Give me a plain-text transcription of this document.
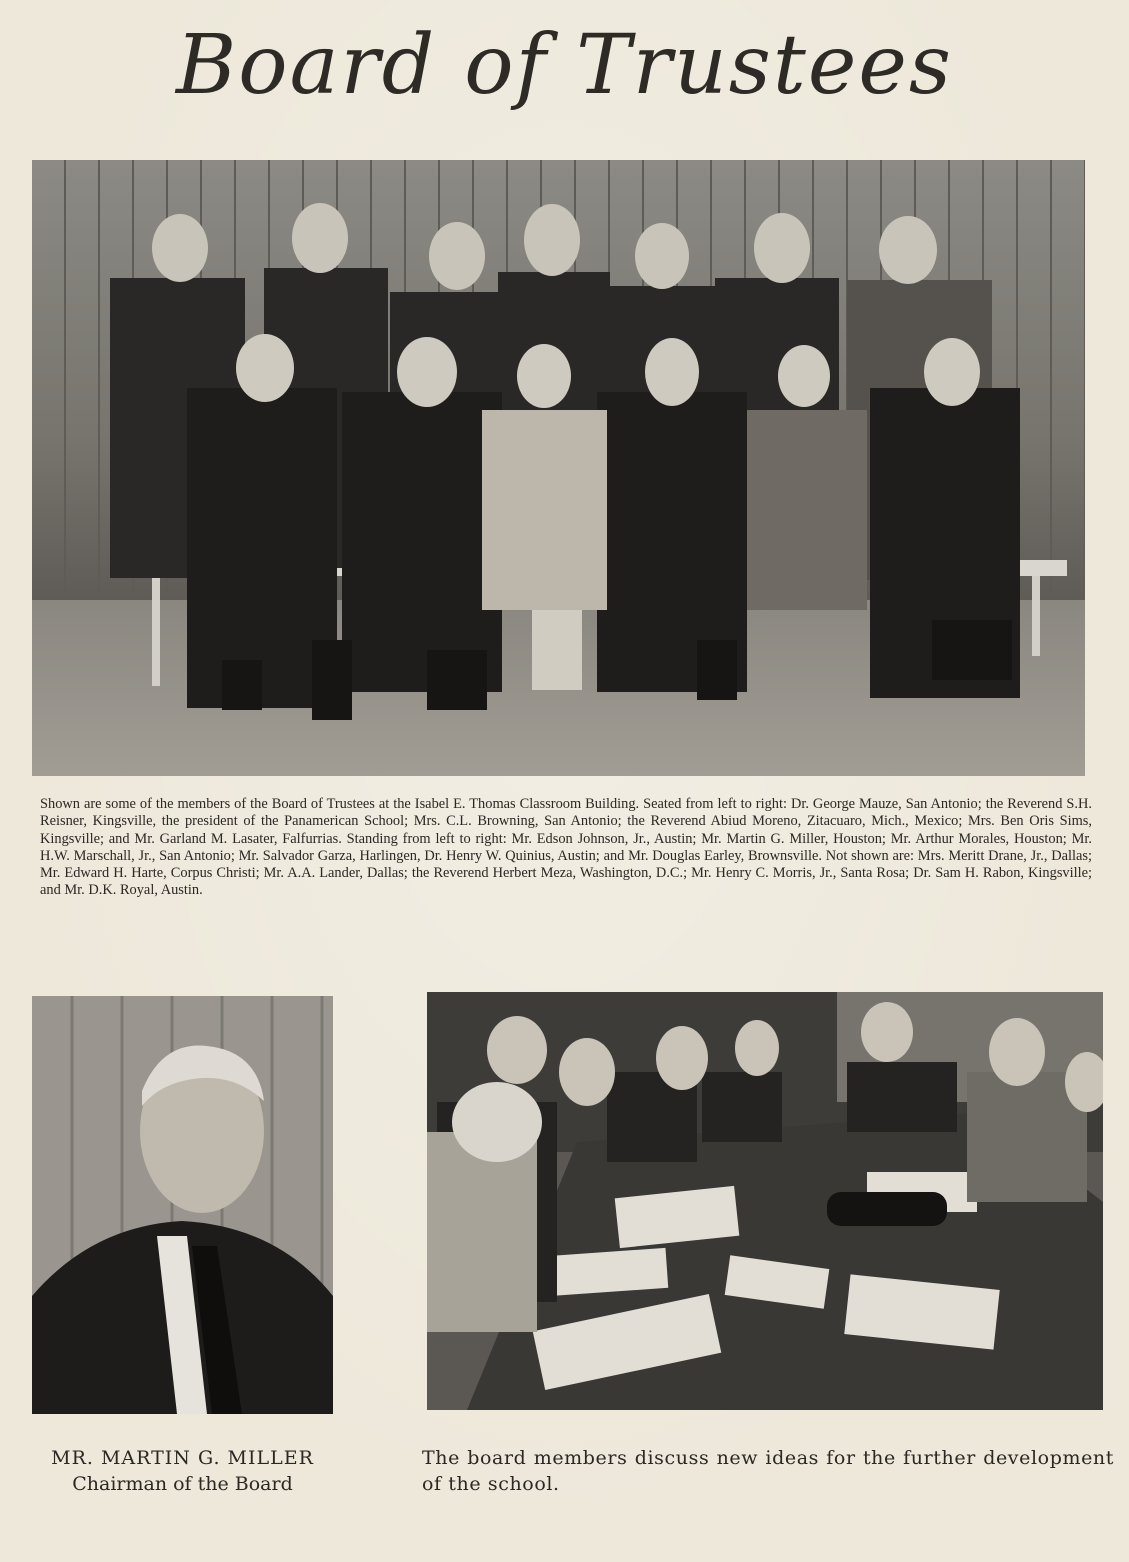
Board of Trustees
Shown are some of the members of the Board of Trustees at the Isabel E. Thomas Classroom Building. Seated from left to right: Dr. George Mauze, San Antonio; the Reverend S.H. Reisner, Kingsville, the president of the Panamerican School; Mrs. C.L. Browning, San Antonio; the Reverend Abiud Moreno, Zitacuaro, Mich., Mexico; Mrs. Ben Oris Sims, Kingsville; and Mr. Garland M. Lasater, Falfurrias. Standing from left to right: Mr. Edson Johnson, Jr., Austin; Mr. Martin G. Miller, Houston; Mr. Arthur Morales, Houston; Mr. H.W. Marschall, Jr., San Antonio; Mr. Salvador Garza, Harlingen, Dr. Henry W. Quinius, Austin; and Mr. Douglas Earley, Brownsville. Not shown are: Mrs. Meritt Drane, Jr., Dallas; Mr. Edward H. Harte, Corpus Christi; Mr. A.A. Lander, Dallas; the Reverend Herbert Meza, Washington, D.C.; Mr. Henry C. Morris, Jr., Santa Rosa; Dr. Sam H. Rabon, Kingsville; and Mr. D.K. Royal, Austin.
MR. MARTIN G. MILLER
Chairman of the Board
The board members discuss new ideas for the further development of the school.
